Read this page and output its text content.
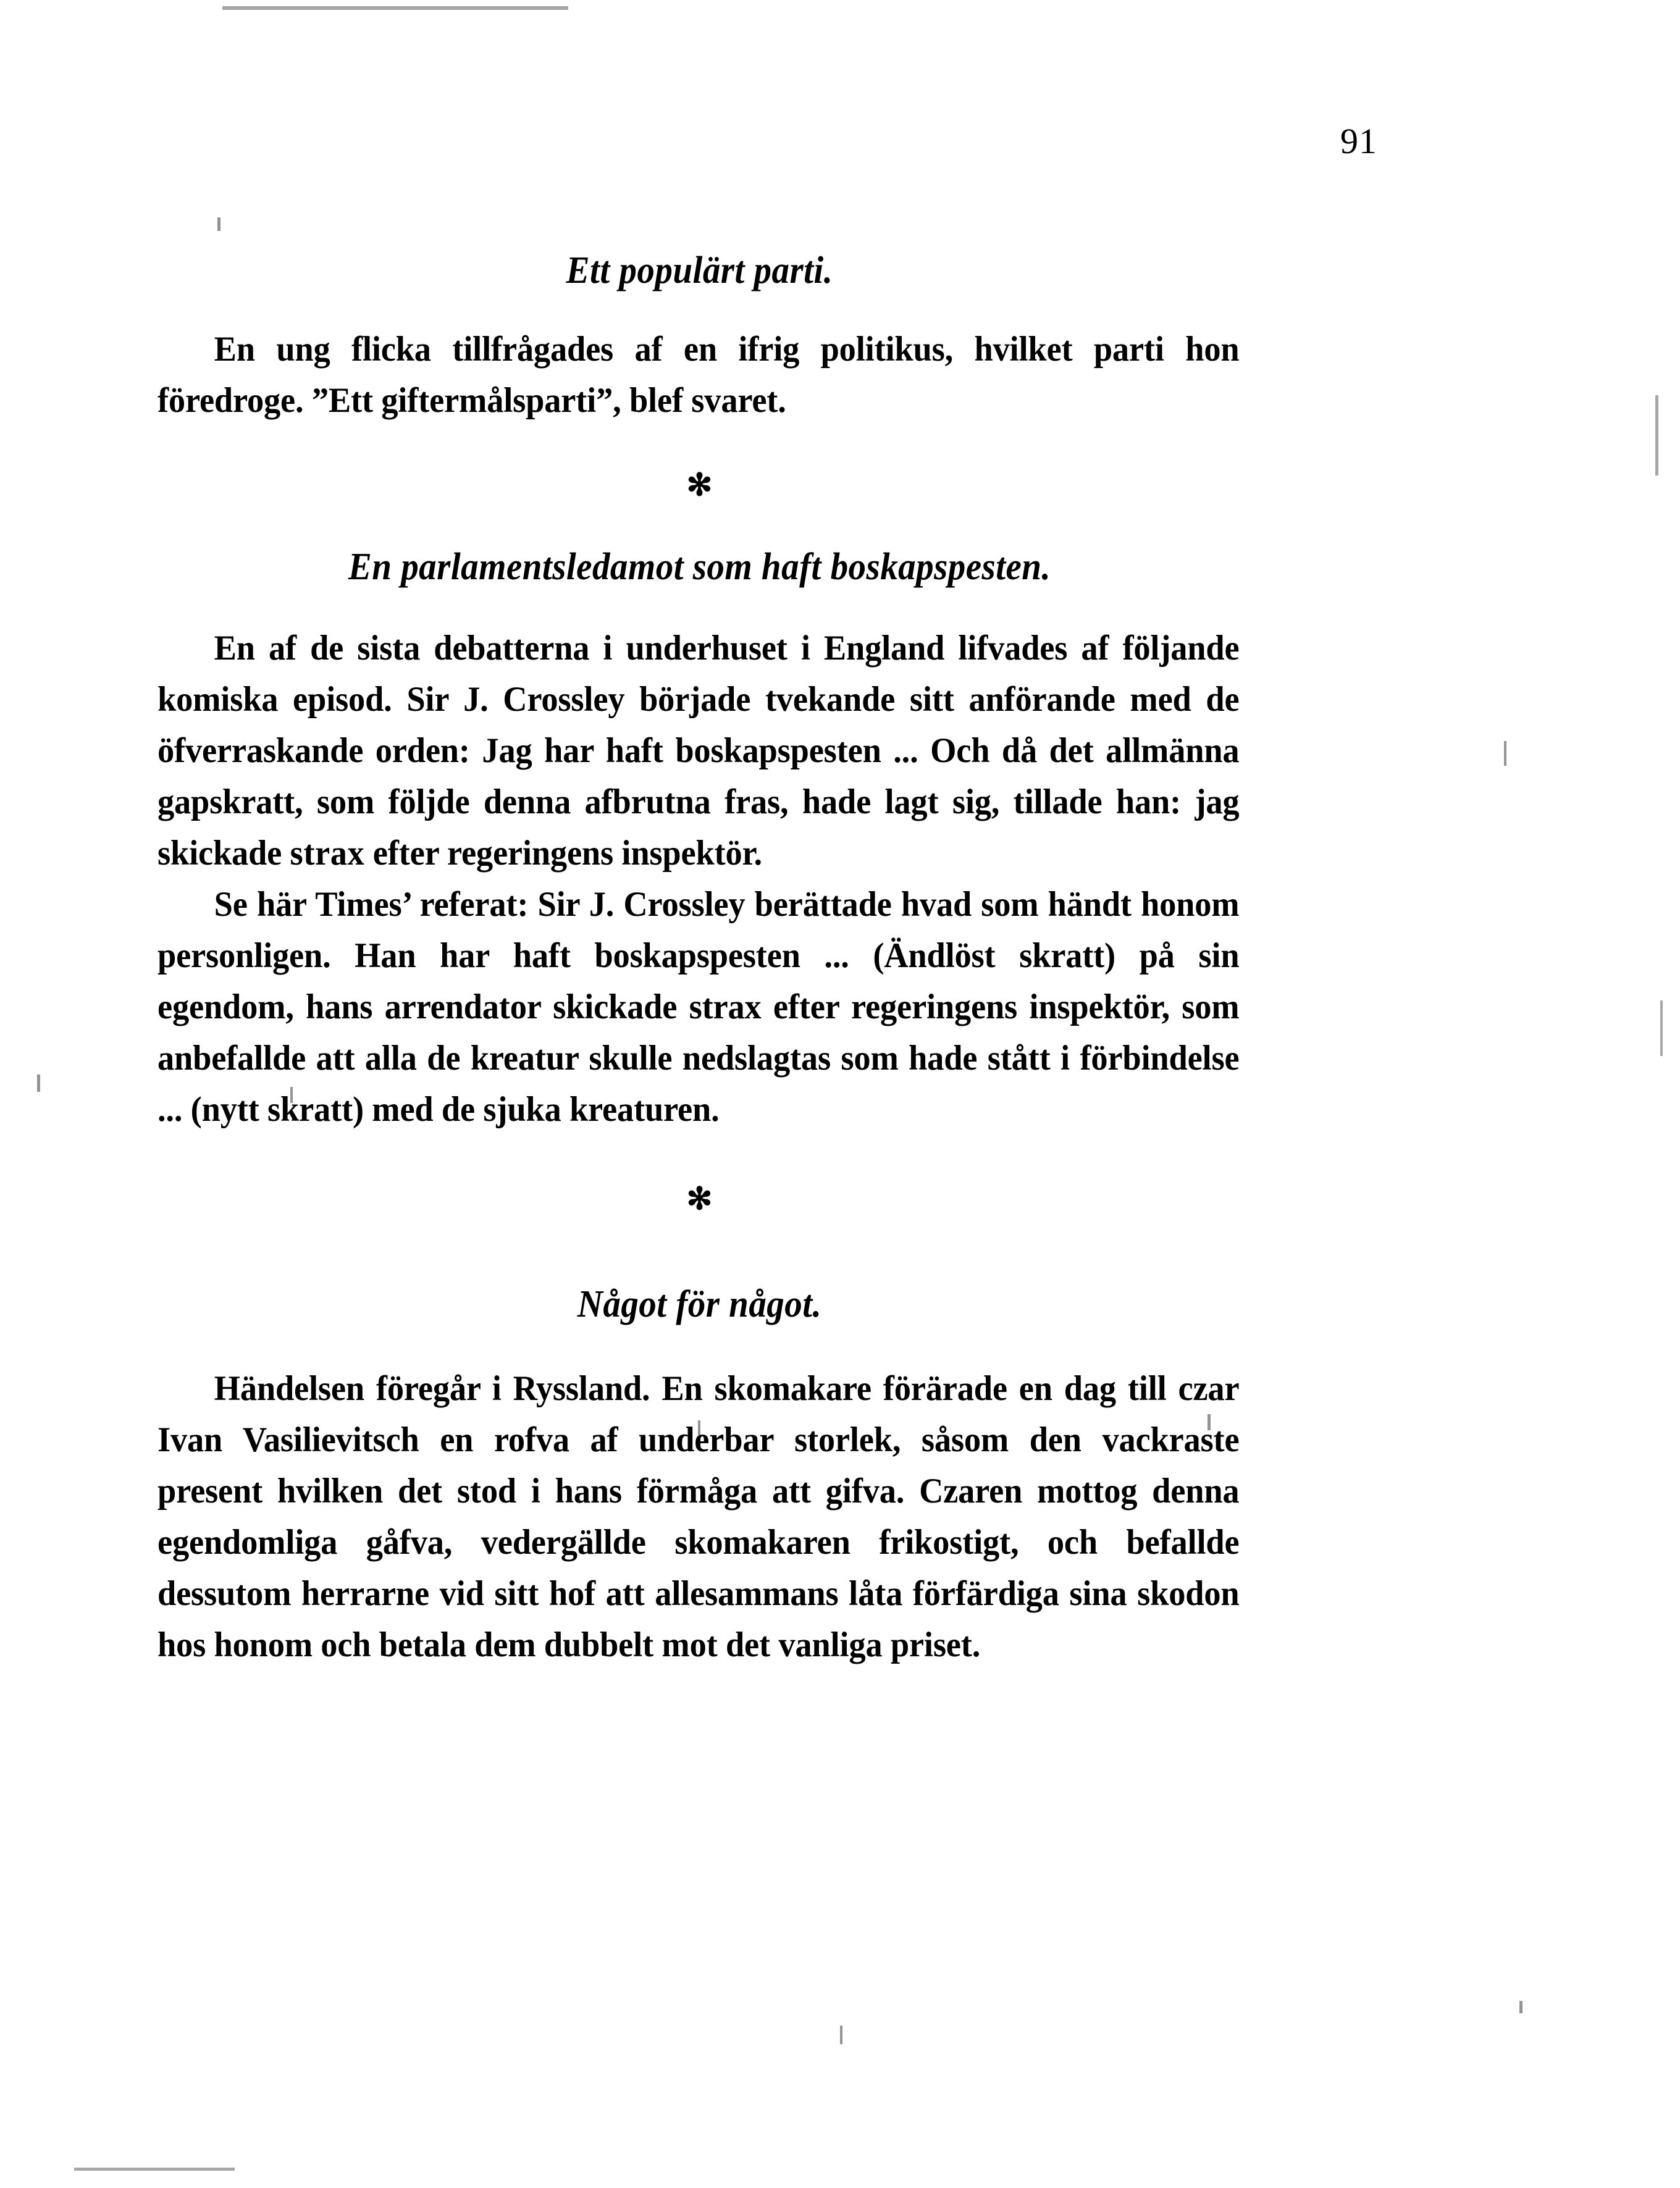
91
Ett populärt parti.

En ung flicka tillfrågades af en ifrig politikus, hvilket parti hon föredroge. ”Ett giftermålsparti”, blef svaret.

✻
En parlamentsledamot som haft boskapspesten.

En af de sista debatterna i underhuset i England lifvades af följande komiska episod. Sir J. Crossley började tvekande sitt anförande med de öfverraskande orden: Jag har haft boskapspesten ... Och då det allmänna gapskratt, som följde denna afbrutna fras, hade lagt sig, tillade han: jag skickade strax efter regeringens inspektör.

Se här Times’ referat: Sir J. Crossley berättade hvad som händt honom personligen. Han har haft boskapspesten ... (Ändlöst skratt) på sin egendom, hans arrendator skickade strax efter regeringens inspektör, som anbefallde att alla de kreatur skulle nedslagtas som hade stått i förbindelse ... (nytt skratt) med de sjuka kreaturen.

✻
Något för något.

Händelsen föregår i Ryssland. En skomakare förärade en dag till czar Ivan Vasilievitsch en rofva af underbar storlek, såsom den vackraste present hvilken det stod i hans förmåga att gifva. Czaren mottog denna egendomliga gåfva, vedergällde skomakaren frikostigt, och befallde dessutom herrarne vid sitt hof att allesammans låta förfärdiga sina skodon hos honom och betala dem dubbelt mot det vanliga priset.
